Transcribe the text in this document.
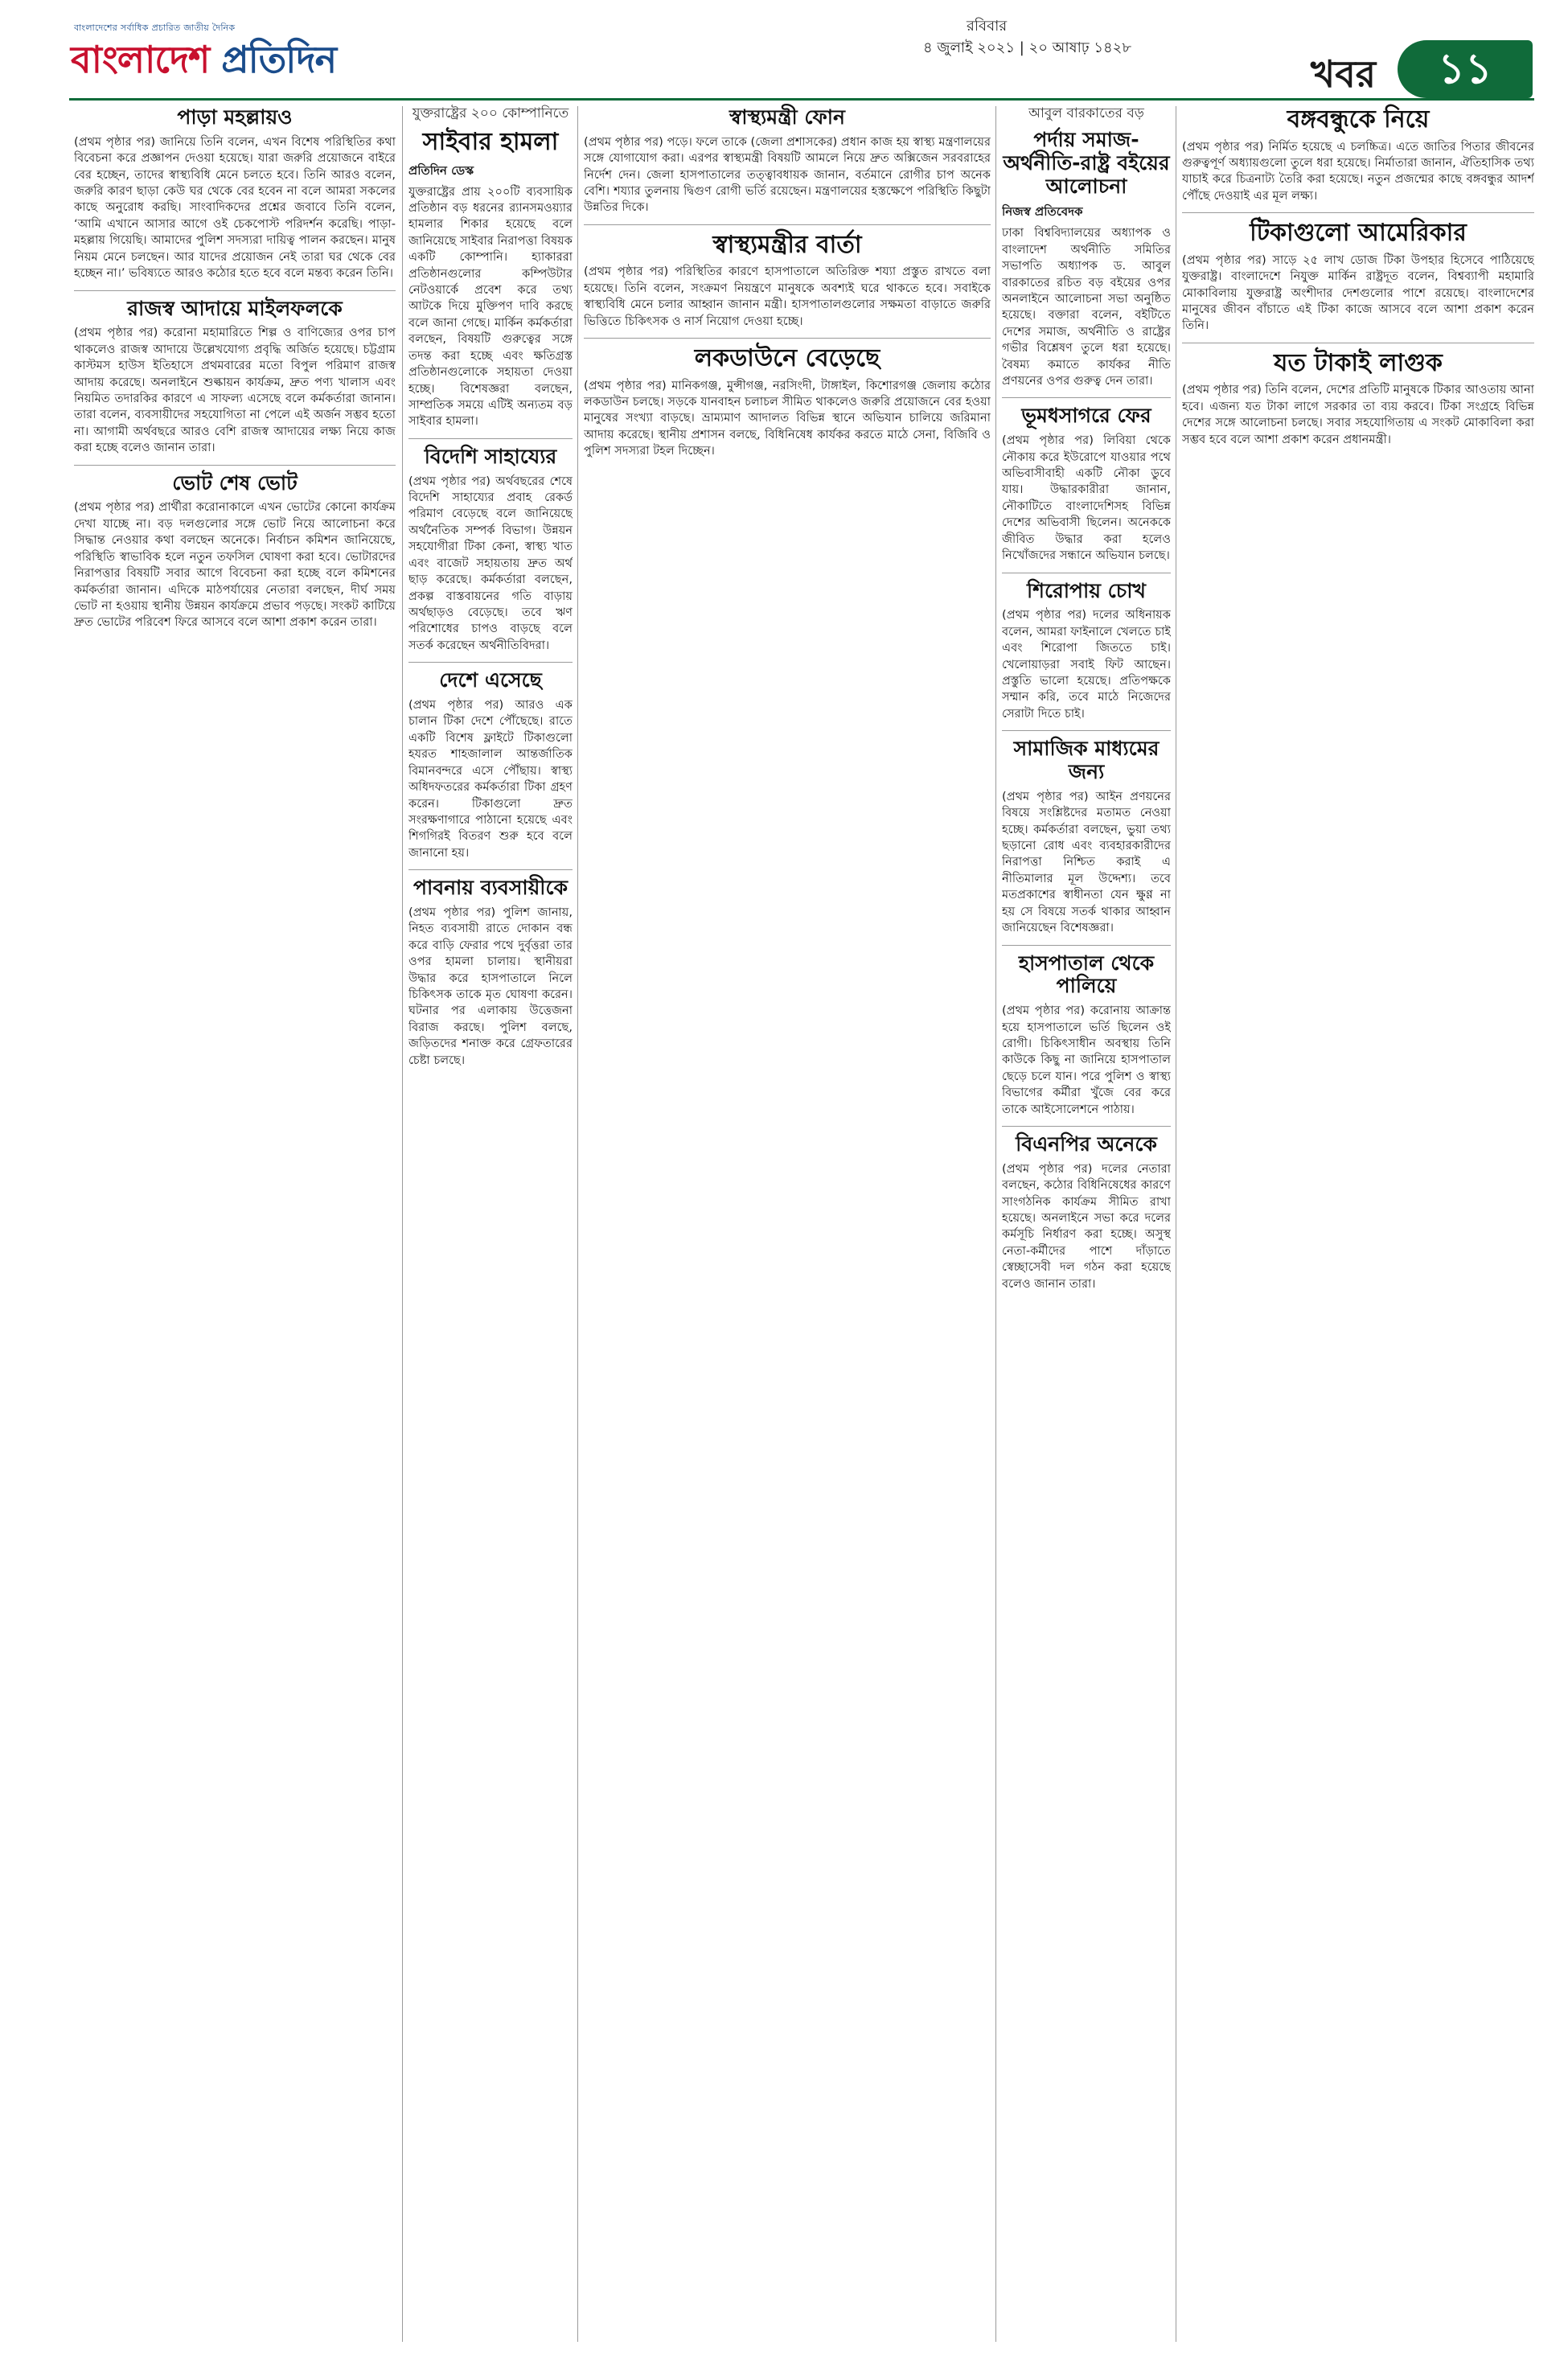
বাংলাদেশের সর্বাধিক প্রচারিত জাতীয় দৈনিক
বাংলাদেশ প্রতিদিন
রবিবার
৪ জুলাই ২০২১ | ২০ আষাঢ় ১৪২৮
খবর	১১
পাড়া মহল্লায়ও

(প্রথম পৃষ্ঠার পর) জানিয়ে তিনি বলেন, এখন বিশেষ পরিস্থিতির কথা বিবেচনা করে প্রজ্ঞাপন দেওয়া হয়েছে। যারা জরুরি প্রয়োজনে বাইরে বের হচ্ছেন, তাদের স্বাস্থ্যবিধি মেনে চলতে হবে। তিনি আরও বলেন, জরুরি কারণ ছাড়া কেউ ঘর থেকে বের হবেন না বলে আমরা সকলের কাছে অনুরোধ করছি। সাংবাদিকদের প্রশ্নের জবাবে তিনি বলেন, ‘আমি এখানে আসার আগে ওই চেকপোস্ট পরিদর্শন করেছি। পাড়া-মহল্লায় গিয়েছি। আমাদের পুলিশ সদস্যরা দায়িত্ব পালন করছেন। মানুষ নিয়ম মেনে চলছেন। আর যাদের প্রয়োজন নেই তারা ঘর থেকে বের হচ্ছেন না।’ ভবিষ্যতে আরও কঠোর হতে হবে বলে মন্তব্য করেন তিনি।

রাজস্ব আদায়ে মাইলফলকে

(প্রথম পৃষ্ঠার পর) করোনা মহামারিতে শিল্প ও বাণিজ্যের ওপর চাপ থাকলেও রাজস্ব আদায়ে উল্লেখযোগ্য প্রবৃদ্ধি অর্জিত হয়েছে। চট্টগ্রাম কাস্টমস হাউস ইতিহাসে প্রথমবারের মতো বিপুল পরিমাণ রাজস্ব আদায় করেছে। অনলাইনে শুল্কায়ন কার্যক্রম, দ্রুত পণ্য খালাস এবং নিয়মিত তদারকির কারণে এ সাফল্য এসেছে বলে কর্মকর্তারা জানান। তারা বলেন, ব্যবসায়ীদের সহযোগিতা না পেলে এই অর্জন সম্ভব হতো না। আগামী অর্থবছরে আরও বেশি রাজস্ব আদায়ের লক্ষ্য নিয়ে কাজ করা হচ্ছে বলেও জানান তারা।

ভোট শেষ ভোট

(প্রথম পৃষ্ঠার পর) প্রার্থীরা করোনাকালে এখন ভোটের কোনো কার্যক্রম দেখা যাচ্ছে না। বড় দলগুলোর সঙ্গে ভোট নিয়ে আলোচনা করে সিদ্ধান্ত নেওয়ার কথা বলছেন অনেকে। নির্বাচন কমিশন জানিয়েছে, পরিস্থিতি স্বাভাবিক হলে নতুন তফসিল ঘোষণা করা হবে। ভোটারদের নিরাপত্তার বিষয়টি সবার আগে বিবেচনা করা হচ্ছে বলে কমিশনের কর্মকর্তারা জানান। এদিকে মাঠপর্যায়ের নেতারা বলছেন, দীর্ঘ সময় ভোট না হওয়ায় স্থানীয় উন্নয়ন কার্যক্রমে প্রভাব পড়ছে। সংকট কাটিয়ে দ্রুত ভোটের পরিবেশ ফিরে আসবে বলে আশা প্রকাশ করেন তারা।

যুক্তরাষ্ট্রের ২০০ কোম্পানিতে
সাইবার হামলা
প্রতিদিন ডেস্ক

যুক্তরাষ্ট্রের প্রায় ২০০টি ব্যবসায়িক প্রতিষ্ঠান বড় ধরনের র‌্যানসমওয়্যার হামলার শিকার হয়েছে বলে জানিয়েছে সাইবার নিরাপত্তা বিষয়ক একটি কোম্পানি। হ্যাকাররা প্রতিষ্ঠানগুলোর কম্পিউটার নেটওয়ার্কে প্রবেশ করে তথ্য আটকে দিয়ে মুক্তিপণ দাবি করছে বলে জানা গেছে। মার্কিন কর্মকর্তারা বলছেন, বিষয়টি গুরুত্বের সঙ্গে তদন্ত করা হচ্ছে এবং ক্ষতিগ্রস্ত প্রতিষ্ঠানগুলোকে সহায়তা দেওয়া হচ্ছে। বিশেষজ্ঞরা বলছেন, সাম্প্রতিক সময়ে এটিই অন্যতম বড় সাইবার হামলা।

বিদেশি সাহায্যের

(প্রথম পৃষ্ঠার পর) অর্থবছরের শেষে বিদেশি সাহায্যের প্রবাহ রেকর্ড পরিমাণ বেড়েছে বলে জানিয়েছে অর্থনৈতিক সম্পর্ক বিভাগ। উন্নয়ন সহযোগীরা টিকা কেনা, স্বাস্থ্য খাত এবং বাজেট সহায়তায় দ্রুত অর্থ ছাড় করেছে। কর্মকর্তারা বলছেন, প্রকল্প বাস্তবায়নের গতি বাড়ায় অর্থছাড়ও বেড়েছে। তবে ঋণ পরিশোধের চাপও বাড়ছে বলে সতর্ক করেছেন অর্থনীতিবিদরা।

দেশে এসেছে

(প্রথম পৃষ্ঠার পর) আরও এক চালান টিকা দেশে পৌঁছেছে। রাতে একটি বিশেষ ফ্লাইটে টিকাগুলো হযরত শাহজালাল আন্তর্জাতিক বিমানবন্দরে এসে পৌঁছায়। স্বাস্থ্য অধিদফতরের কর্মকর্তারা টিকা গ্রহণ করেন। টিকাগুলো দ্রুত সংরক্ষণাগারে পাঠানো হয়েছে এবং শিগগিরই বিতরণ শুরু হবে বলে জানানো হয়।

পাবনায় ব্যবসায়ীকে

(প্রথম পৃষ্ঠার পর) পুলিশ জানায়, নিহত ব্যবসায়ী রাতে দোকান বন্ধ করে বাড়ি ফেরার পথে দুর্বৃত্তরা তার ওপর হামলা চালায়। স্থানীয়রা উদ্ধার করে হাসপাতালে নিলে চিকিৎসক তাকে মৃত ঘোষণা করেন। ঘটনার পর এলাকায় উত্তেজনা বিরাজ করছে। পুলিশ বলছে, জড়িতদের শনাক্ত করে গ্রেফতারের চেষ্টা চলছে।

স্বাস্থ্যমন্ত্রী ফোন

(প্রথম পৃষ্ঠার পর) পড়ে। ফলে তাকে (জেলা প্রশাসকের) প্রধান কাজ হয় স্বাস্থ্য মন্ত্রণালয়ের সঙ্গে যোগাযোগ করা। এরপর স্বাস্থ্যমন্ত্রী বিষয়টি আমলে নিয়ে দ্রুত অক্সিজেন সরবরাহের নির্দেশ দেন। জেলা হাসপাতালের তত্ত্বাবধায়ক জানান, বর্তমানে রোগীর চাপ অনেক বেশি। শয্যার তুলনায় দ্বিগুণ রোগী ভর্তি রয়েছেন। মন্ত্রণালয়ের হস্তক্ষেপে পরিস্থিতি কিছুটা উন্নতির দিকে।

স্বাস্থ্যমন্ত্রীর বার্তা

(প্রথম পৃষ্ঠার পর) পরিস্থিতির কারণে হাসপাতালে অতিরিক্ত শয্যা প্রস্তুত রাখতে বলা হয়েছে। তিনি বলেন, সংক্রমণ নিয়ন্ত্রণে মানুষকে অবশ্যই ঘরে থাকতে হবে। সবাইকে স্বাস্থ্যবিধি মেনে চলার আহ্বান জানান মন্ত্রী। হাসপাতালগুলোর সক্ষমতা বাড়াতে জরুরি ভিত্তিতে চিকিৎসক ও নার্স নিয়োগ দেওয়া হচ্ছে।

লকডাউনে বেড়েছে

(প্রথম পৃষ্ঠার পর) মানিকগঞ্জ, মুন্সীগঞ্জ, নরসিংদী, টাঙ্গাইল, কিশোরগঞ্জ জেলায় কঠোর লকডাউন চলছে। সড়কে যানবাহন চলাচল সীমিত থাকলেও জরুরি প্রয়োজনে বের হওয়া মানুষের সংখ্যা বাড়ছে। ভ্রাম্যমাণ আদালত বিভিন্ন স্থানে অভিযান চালিয়ে জরিমানা আদায় করেছে। স্থানীয় প্রশাসন বলছে, বিধিনিষেধ কার্যকর করতে মাঠে সেনা, বিজিবি ও পুলিশ সদস্যরা টহল দিচ্ছেন।

আবুল বারকাতের বড়
পর্দায় সমাজ-অর্থনীতি-রাষ্ট্র বইয়ের আলোচনা
নিজস্ব প্রতিবেদক

ঢাকা বিশ্ববিদ্যালয়ের অধ্যাপক ও বাংলাদেশ অর্থনীতি সমিতির সভাপতি অধ্যাপক ড. আবুল বারকাতের রচিত বড় বইয়ের ওপর অনলাইনে আলোচনা সভা অনুষ্ঠিত হয়েছে। বক্তারা বলেন, বইটিতে দেশের সমাজ, অর্থনীতি ও রাষ্ট্রের গভীর বিশ্লেষণ তুলে ধরা হয়েছে। বৈষম্য কমাতে কার্যকর নীতি প্রণয়নের ওপর গুরুত্ব দেন তারা।

ভূমধসাগরে ফের

(প্রথম পৃষ্ঠার পর) লিবিয়া থেকে নৌকায় করে ইউরোপে যাওয়ার পথে অভিবাসীবাহী একটি নৌকা ডুবে যায়। উদ্ধারকারীরা জানান, নৌকাটিতে বাংলাদেশিসহ বিভিন্ন দেশের অভিবাসী ছিলেন। অনেককে জীবিত উদ্ধার করা হলেও নিখোঁজদের সন্ধানে অভিযান চলছে।

শিরোপায় চোখ

(প্রথম পৃষ্ঠার পর) দলের অধিনায়ক বলেন, আমরা ফাইনালে খেলতে চাই এবং শিরোপা জিততে চাই। খেলোয়াড়রা সবাই ফিট আছেন। প্রস্তুতি ভালো হয়েছে। প্রতিপক্ষকে সম্মান করি, তবে মাঠে নিজেদের সেরাটা দিতে চাই।

সামাজিক মাধ্যমের জন্য

(প্রথম পৃষ্ঠার পর) আইন প্রণয়নের বিষয়ে সংশ্লিষ্টদের মতামত নেওয়া হচ্ছে। কর্মকর্তারা বলছেন, ভুয়া তথ্য ছড়ানো রোধ এবং ব্যবহারকারীদের নিরাপত্তা নিশ্চিত করাই এ নীতিমালার মূল উদ্দেশ্য। তবে মতপ্রকাশের স্বাধীনতা যেন ক্ষুণ্ণ না হয় সে বিষয়ে সতর্ক থাকার আহ্বান জানিয়েছেন বিশেষজ্ঞরা।

হাসপাতাল থেকে পালিয়ে

(প্রথম পৃষ্ঠার পর) করোনায় আক্রান্ত হয়ে হাসপাতালে ভর্তি ছিলেন ওই রোগী। চিকিৎসাধীন অবস্থায় তিনি কাউকে কিছু না জানিয়ে হাসপাতাল ছেড়ে চলে যান। পরে পুলিশ ও স্বাস্থ্য বিভাগের কর্মীরা খুঁজে বের করে তাকে আইসোলেশনে পাঠায়।

বিএনপির অনেকে

(প্রথম পৃষ্ঠার পর) দলের নেতারা বলছেন, কঠোর বিধিনিষেধের কারণে সাংগঠনিক কার্যক্রম সীমিত রাখা হয়েছে। অনলাইনে সভা করে দলের কর্মসূচি নির্ধারণ করা হচ্ছে। অসুস্থ নেতা-কর্মীদের পাশে দাঁড়াতে স্বেচ্ছাসেবী দল গঠন করা হয়েছে বলেও জানান তারা।

বঙ্গবন্ধুকে নিয়ে

(প্রথম পৃষ্ঠার পর) নির্মিত হয়েছে এ চলচ্চিত্র। এতে জাতির পিতার জীবনের গুরুত্বপূর্ণ অধ্যায়গুলো তুলে ধরা হয়েছে। নির্মাতারা জানান, ঐতিহাসিক তথ্য যাচাই করে চিত্রনাট্য তৈরি করা হয়েছে। নতুন প্রজন্মের কাছে বঙ্গবন্ধুর আদর্শ পৌঁছে দেওয়াই এর মূল লক্ষ্য।

টিকাগুলো আমেরিকার

(প্রথম পৃষ্ঠার পর) সাড়ে ২৫ লাখ ডোজ টিকা উপহার হিসেবে পাঠিয়েছে যুক্তরাষ্ট্র। বাংলাদেশে নিযুক্ত মার্কিন রাষ্ট্রদূত বলেন, বিশ্বব্যাপী মহামারি মোকাবিলায় যুক্তরাষ্ট্র অংশীদার দেশগুলোর পাশে রয়েছে। বাংলাদেশের মানুষের জীবন বাঁচাতে এই টিকা কাজে আসবে বলে আশা প্রকাশ করেন তিনি।

যত টাকাই লাগুক

(প্রথম পৃষ্ঠার পর) তিনি বলেন, দেশের প্রতিটি মানুষকে টিকার আওতায় আনা হবে। এজন্য যত টাকা লাগে সরকার তা ব্যয় করবে। টিকা সংগ্রহে বিভিন্ন দেশের সঙ্গে আলোচনা চলছে। সবার সহযোগিতায় এ সংকট মোকাবিলা করা সম্ভব হবে বলে আশা প্রকাশ করেন প্রধানমন্ত্রী।
